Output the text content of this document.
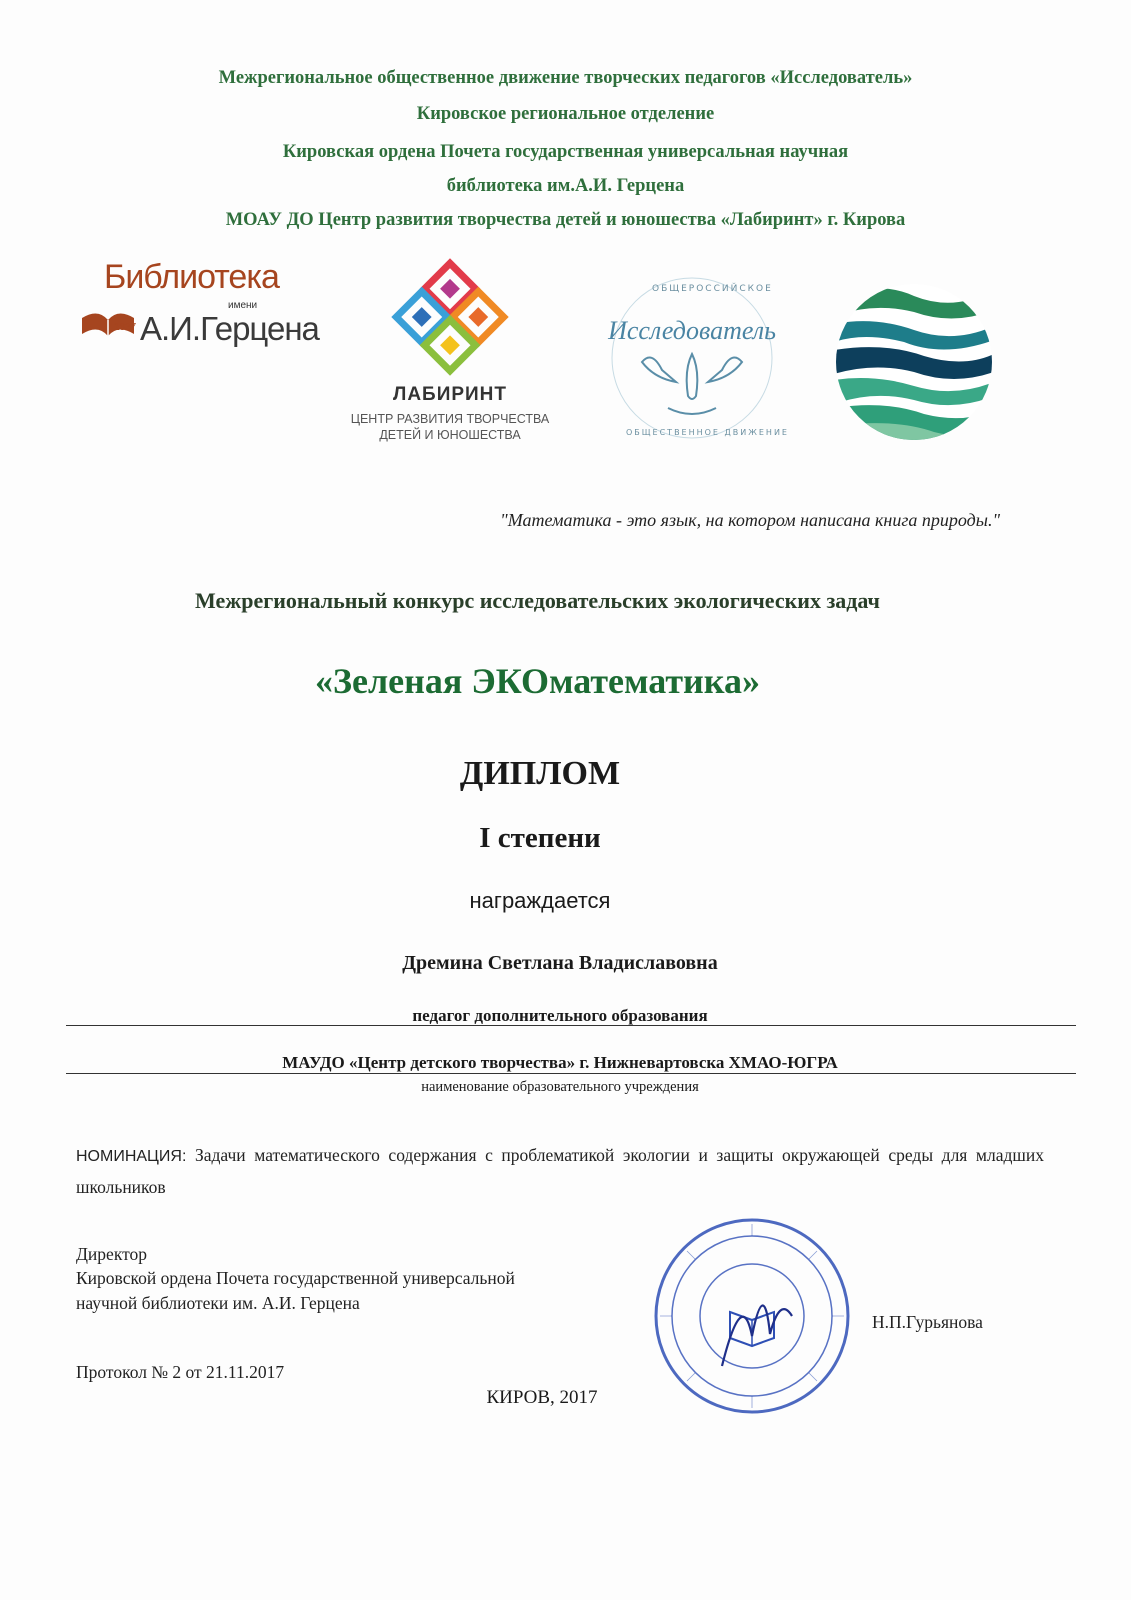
Межрегиональное общественное движение творческих педагогов «Исследователь»
Кировское региональное отделение
Кировская ордена Почета государственная универсальная научная
библиотека им.А.И. Герцена
МОАУ ДО Центр развития творчества детей и юношества «Лабиринт» г. Кирова
Библиотека
имени
1837 А.И.Герцена
ЛАБИРИНТ
ЦЕНТР РАЗВИТИЯ ТВОРЧЕСТВА
ДЕТЕЙ И ЮНОШЕСТВА
ОБЩЕРОССИЙСКОЕ
Исследователь
ОБЩЕСТВЕННОЕ ДВИЖЕНИЕ
"Математика - это язык, на котором написана книга природы."
Межрегиональный конкурс исследовательских экологических задач
«Зеленая ЭКОматематика»
ДИПЛОМ
I степени
награждается
Дремина Светлана Владиславовна
педагог дополнительного образования
МАУДО «Центр детского творчества» г. Нижневартовска ХМАО-ЮГРА
наименование образовательного учреждения
НОМИНАЦИЯ: Задачи математического содержания с проблематикой экологии и защиты окружающей среды для младших школьников
Директор
Кировской ордена Почета государственной универсальной
научной библиотеки им. А.И. Герцена
Н.П.Гурьянова
Протокол № 2 от 21.11.2017
КИРОВ, 2017
